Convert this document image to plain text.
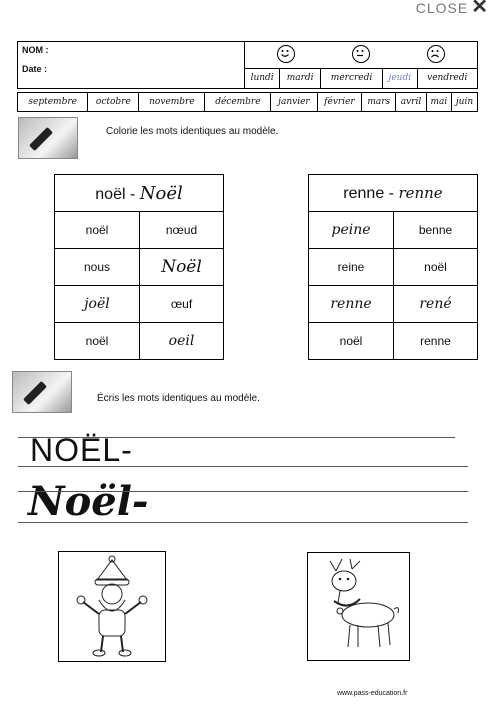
CLOSE ✕
NOM :
Date :

	lundi	mardi	mercredi	jeudi	vendredi
septembre	octobre	novembre	décembre	janvier	février	mars	avril	mai	juin
Colorie les mots identiques au modèle.
noël - Noël	
noël	nœud
nous	Noël
joël	œuf
noël	oeil
renne - renne	
peine	benne
reine	noël
renne	rené
noël	renne
Écris les mots identiques au modèle.
NOËL-
Noël-
www.pass-education.fr
